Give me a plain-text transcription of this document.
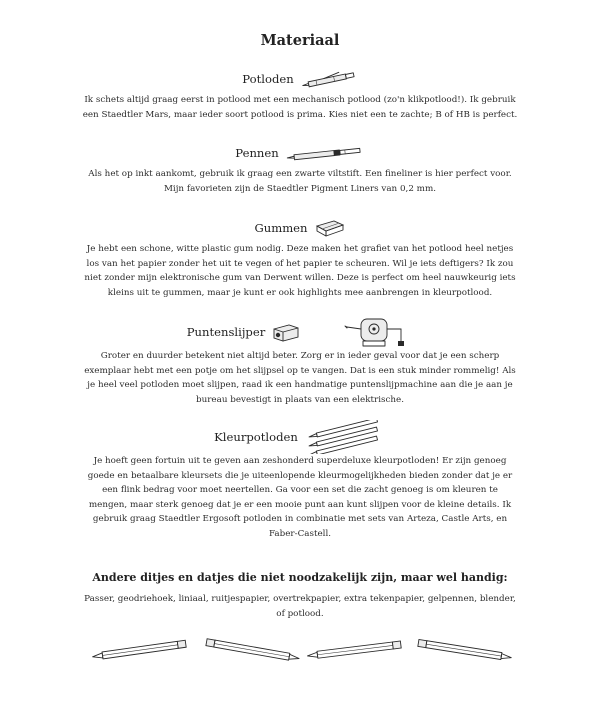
Materiaal
Potloden

Ik schets altijd graag eerst in potlood met een mechanisch potlood (zo'n klikpotlood!). Ik gebruik
een Staedtler Mars, maar ieder soort potlood is prima. Kies niet een te zachte; B of HB is perfect.

Pennen

Als het op inkt aankomt, gebruik ik graag een zwarte viltstift. Een fineliner is hier perfect voor.
Mijn favorieten zijn de Staedtler Pigment Liners van 0,2 mm.

Gummen

Je hebt een schone, witte plastic gum nodig. Deze maken het grafiet van het potlood heel netjes
los van het papier zonder het uit te vegen of het papier te scheuren. Wil je iets deftigers? Ik zou
niet zonder mijn elektronische gum van Derwent willen. Deze is perfect om heel nauwkeurig iets
kleins uit te gummen, maar je kunt er ook highlights mee aanbrengen in kleurpotlood.

Puntenslijper

Groter en duurder betekent niet altijd beter. Zorg er in ieder geval voor dat je een scherp
exemplaar hebt met een potje om het slijpsel op te vangen. Dat is een stuk minder rommelig! Als
je heel veel potloden moet slijpen, raad ik een handmatige puntenslijpmachine aan die je aan je
bureau bevestigt in plaats van een elektrische.

Kleurpotloden

Je hoeft geen fortuin uit te geven aan zeshonderd superdeluxe kleurpotloden! Er zijn genoeg
goede en betaalbare kleursets die je uiteenlopende kleurmogelijkheden bieden zonder dat je er
een flink bedrag voor moet neertellen. Ga voor een set die zacht genoeg is om kleuren te
mengen, maar sterk genoeg dat je er een mooie punt aan kunt slijpen voor de kleine details. Ik
gebruik graag Staedtler Ergosoft potloden in combinatie met sets van Arteza, Castle Arts, en
Faber-Castell.

Andere ditjes en datjes die niet noodzakelijk zijn, maar wel handig:

Passer, geodriehoek, liniaal, ruitjespapier, overtrekpapier, extra tekenpapier, gelpennen, blender,
of potlood.
